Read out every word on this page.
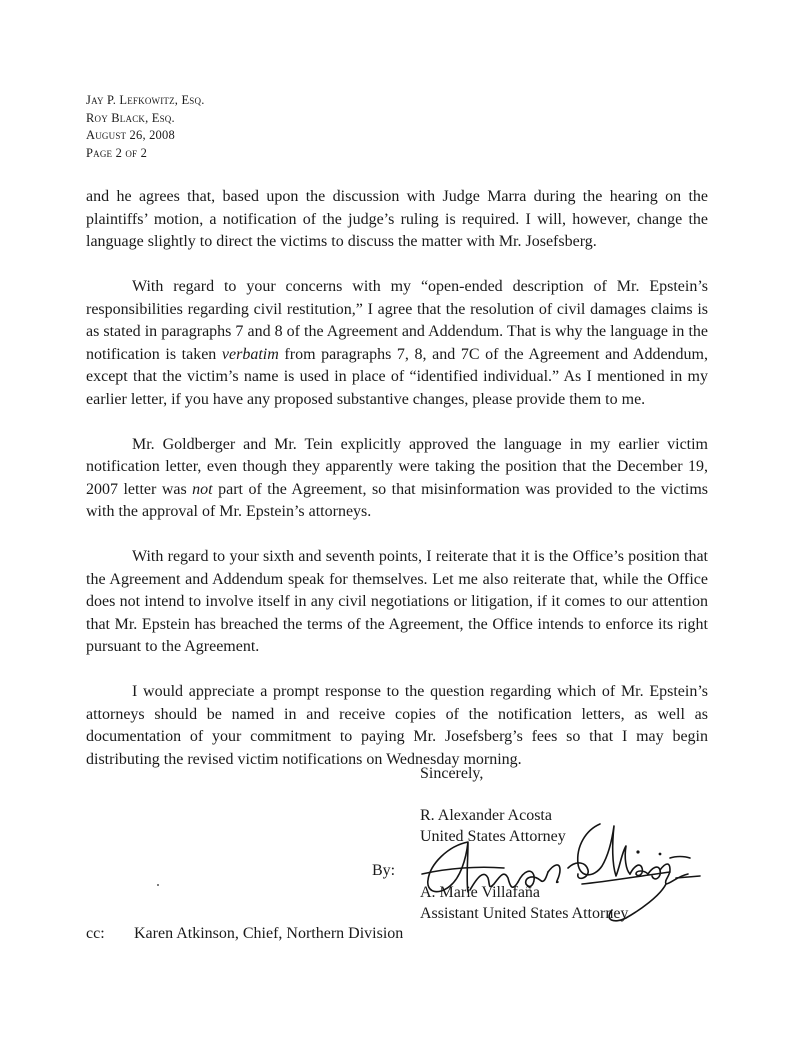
Jay P. Lefkowitz, Esq.
Roy Black, Esq.
August 26, 2008
Page 2 of 2

and he agrees that, based upon the discussion with Judge Marra during the hearing on the plaintiffs’ motion, a notification of the judge’s ruling is required. I will, however, change the language slightly to direct the victims to discuss the matter with Mr. Josefsberg.

With regard to your concerns with my “open-ended description of Mr. Epstein’s responsibilities regarding civil restitution,” I agree that the resolution of civil damages claims is as stated in paragraphs 7 and 8 of the Agreement and Addendum. That is why the language in the notification is taken verbatim from paragraphs 7, 8, and 7C of the Agreement and Addendum, except that the victim’s name is used in place of “identified individual.” As I mentioned in my earlier letter, if you have any proposed substantive changes, please provide them to me.

Mr. Goldberger and Mr. Tein explicitly approved the language in my earlier victim notification letter, even though they apparently were taking the position that the December 19, 2007 letter was not part of the Agreement, so that misinformation was provided to the victims with the approval of Mr. Epstein’s attorneys.

With regard to your sixth and seventh points, I reiterate that it is the Office’s position that the Agreement and Addendum speak for themselves. Let me also reiterate that, while the Office does not intend to involve itself in any civil negotiations or litigation, if it comes to our attention that Mr. Epstein has breached the terms of the Agreement, the Office intends to enforce its right pursuant to the Agreement.

I would appreciate a prompt response to the question regarding which of Mr. Epstein’s attorneys should be named in and receive copies of the notification letters, as well as documentation of your commitment to paying Mr. Josefsberg’s fees so that I may begin distributing the revised victim notifications on Wednesday morning.

Sincerely,
R. Alexander Acosta
United States Attorney
By:
A. Marie Villafaña
Assistant United States Attorney
cc: Karen Atkinson, Chief, Northern Division
